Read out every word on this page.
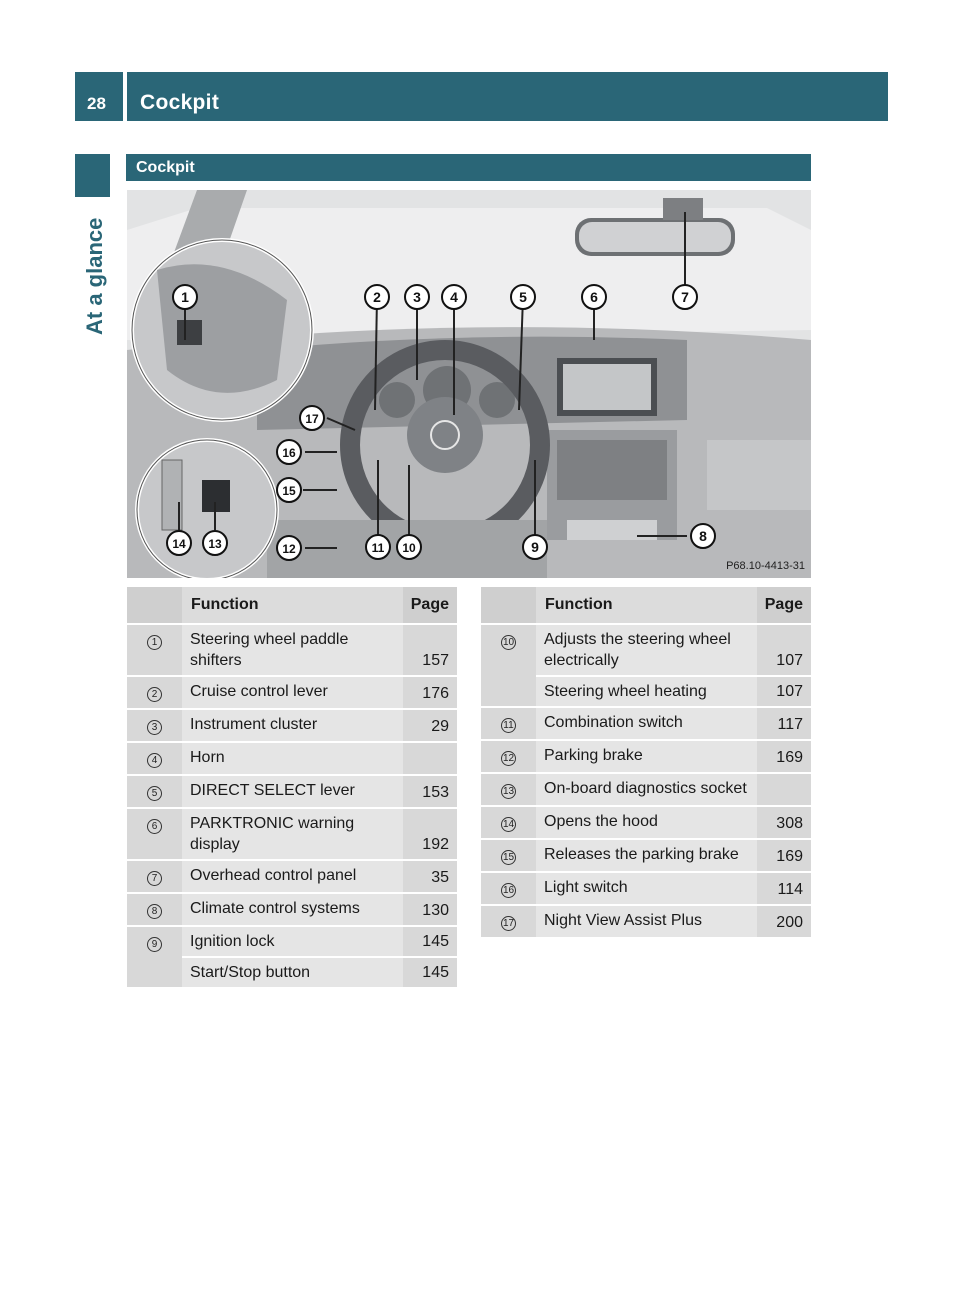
28 Cockpit
At a glance
Cockpit
1	2 3 4	5	6	7
8
9
10
11
12
13
14
15
16
17
P68.10-4413-31
	Function	Page
1	Steering wheel paddle shifters	157
2	Cruise control lever	176
3	Instrument cluster	29
4	Horn	
5	DIRECT SELECT lever	153
6	PARKTRONIC warning display	192
7	Overhead control panel	35
8	Climate control systems	130
9	Ignition lock	145
	Start/Stop button	145
	Function	Page
10	Adjusts the steering wheel electrically	107
	Steering wheel heating	107
11	Combination switch	117
12	Parking brake	169
13	On-board diagnostics socket	
14	Opens the hood	308
15	Releases the parking brake	169
16	Light switch	114
17	Night View Assist Plus	200
